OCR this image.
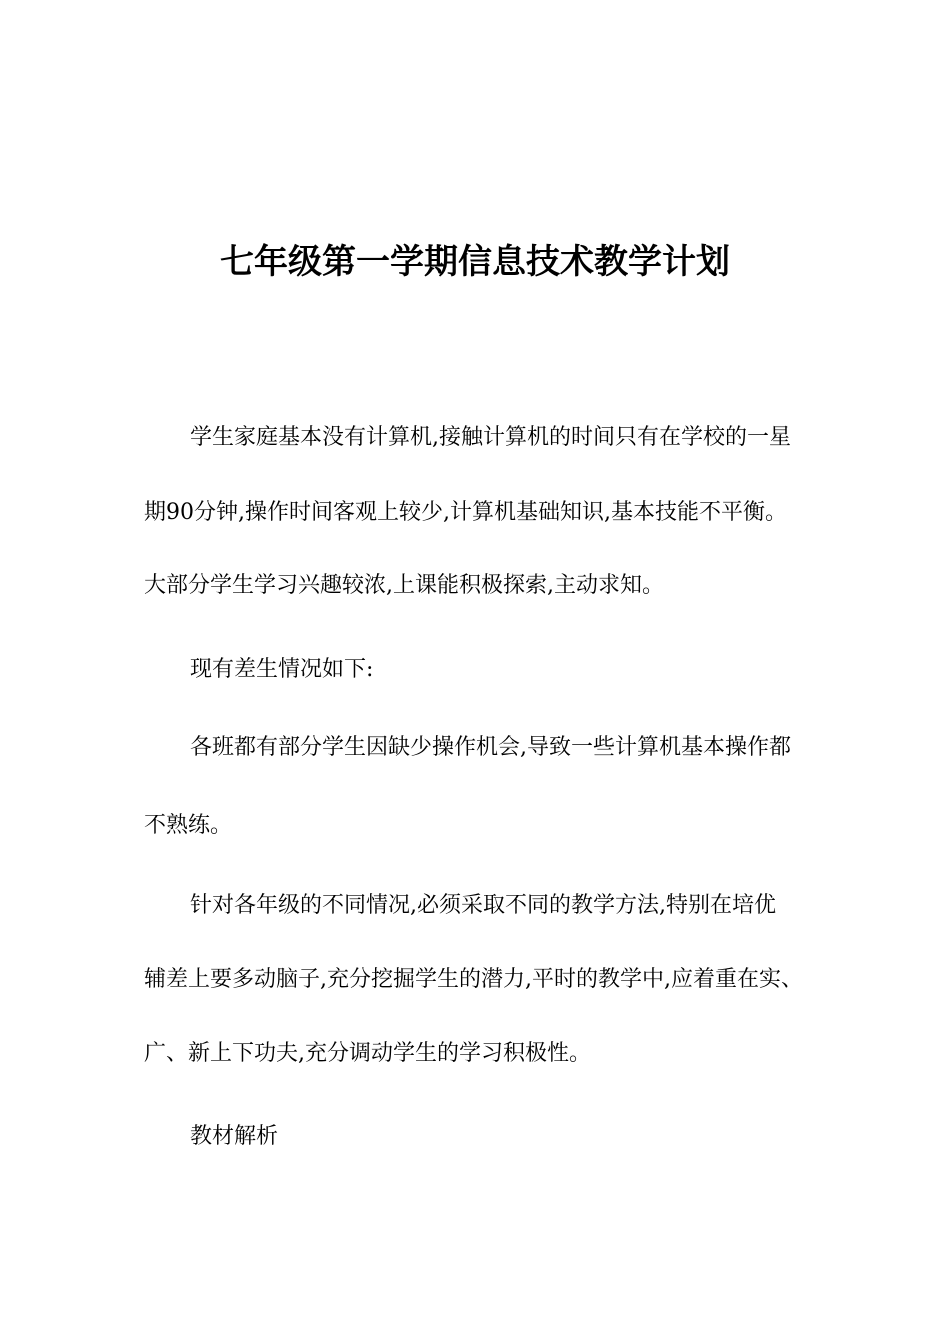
七年级第一学期信息技术教学计划
学生家庭基本没有计算机,接触计算机的时间只有在学校的一星
期90分钟,操作时间客观上较少,计算机基础知识,基本技能不平衡。
大部分学生学习兴趣较浓,上课能积极探索,主动求知。
现有差生情况如下:
各班都有部分学生因缺少操作机会,导致一些计算机基本操作都
不熟练。
针对各年级的不同情况,必须采取不同的教学方法,特别在培优
辅差上要多动脑子,充分挖掘学生的潜力,平时的教学中,应着重在实、
广、新上下功夫,充分调动学生的学习积极性。
教材解析
